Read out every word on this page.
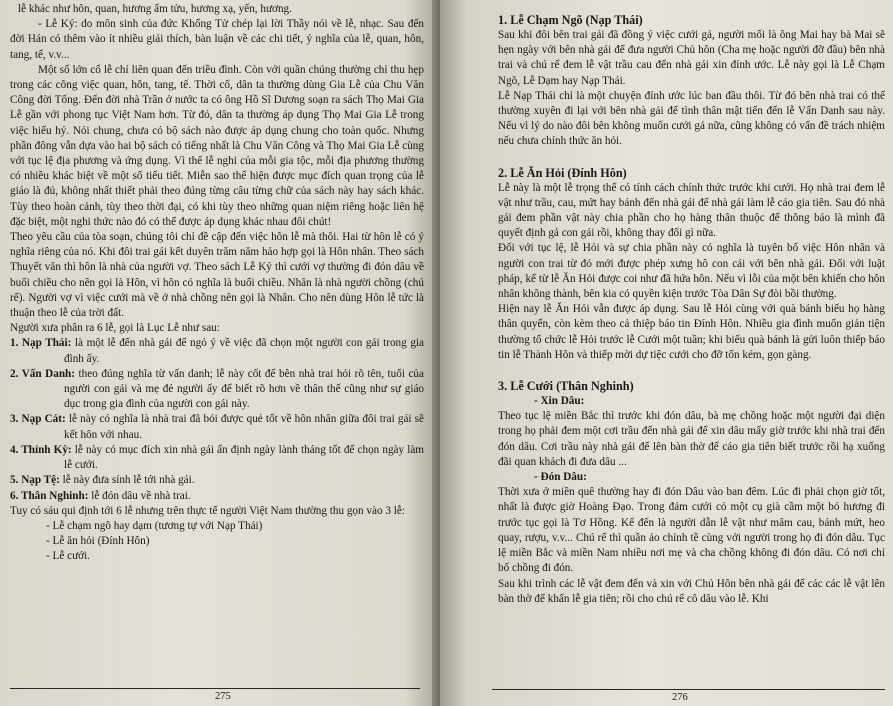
lễ khác như hôn, quan, hương ẩm tửu, hương xạ, yến, hương.

- Lễ Ký: do môn sinh của đức Khổng Tử chép lại lời Thầy nói về lễ, nhạc. Sau đến đời Hán có thêm vào ít nhiều giải thích, bàn luận về các chi tiết, ý nghĩa của lễ, quan, hôn, tang, tế, v.v...

Một số lớn cổ lễ chỉ liên quan đến triều đình. Còn với quần chúng thường chỉ thu hẹp trong các công việc quan, hôn, tang, tế. Thời cổ, dân ta thường dùng Gia Lễ của Chu Văn Công đời Tống. Đến đời nhà Trần ở nước ta có ông Hồ Sĩ Dương soạn ra sách Thọ Mai Gia Lễ gần với phong tục Việt Nam hơn. Từ đó, dân ta thường áp dụng Thọ Mai Gia Lễ trong việc hiếu hỷ. Nói chung, chưa có bộ sách nào được áp dụng chung cho toàn quốc. Nhưng phần đông vẫn dựa vào hai bộ sách có tiếng nhất là Chu Văn Công và Thọ Mai Gia Lễ cùng với tục lệ địa phương và ứng dụng. Vì thế lễ nghi của mỗi gia tộc, mỗi địa phương thường có nhiều khác biệt về một số tiểu tiết. Miễn sao thể hiện được mục đích quan trọng của lễ giáo là đủ, không nhất thiết phải theo đúng từng câu từng chữ của sách này hay sách khác. Tùy theo hoàn cảnh, tùy theo thời đại, có khi tùy theo những quan niệm riêng hoặc liên hệ đặc biệt, một nghi thức nào đó có thể được áp dụng khác nhau đôi chút!

Theo yêu cầu của tòa soạn, chúng tôi chỉ đề cập đến việc hôn lễ mà thôi. Hai từ hôn lễ có ý nghĩa riêng của nó. Khi đôi trai gái kết duyên trăm năm hảo hợp gọi là Hôn nhân. Theo sách Thuyết văn thì hôn là nhà của người vợ. Theo sách Lễ Ký thì cưới vợ thường đi đón dâu về buổi chiều cho nên gọi là Hôn, vì hôn có nghĩa là buổi chiều. Nhân là nhà người chồng (chú rể). Người vợ vì việc cưới mà về ở nhà chồng nên gọi là Nhân. Cho nên dùng Hôn lễ tức là thuận theo lễ của trời đất.

Người xưa phân ra 6 lễ, gọi là Lục Lễ như sau:

1. Nạp Thái: là một lễ đến nhà gái để ngỏ ý về việc đã chọn một người con gái trong gia đình ấy.

2. Vấn Danh: theo đúng nghĩa từ vấn danh; lễ này cốt để bên nhà trai hỏi rõ tên, tuổi của người con gái và mẹ đẻ người ấy để biết rõ hơn về thân thế cũng như sự giáo dục trong gia đình của người con gái này.

3. Nạp Cát: lễ này có nghĩa là nhà trai đã bói được quẻ tốt về hôn nhân giữa đôi trai gái sẽ kết hôn với nhau.

4. Thỉnh Kỳ: lễ này có mục đích xin nhà gái ấn định ngày lành tháng tốt để chọn ngày làm lễ cưới.

5. Nạp Tệ: lễ này đưa sính lễ tới nhà gái.

6. Thân Nghinh: lễ đón dâu về nhà trai.

Tuy có sáu qui định tới 6 lễ nhưng trên thực tế người Việt Nam thường thu gọn vào 3 lễ:

- Lễ chạm ngõ hay dạm (tương tự với Nạp Thái)

- Lễ ăn hỏi (Đính Hôn)

- Lễ cưới.

275

1. Lễ Chạm Ngõ (Nạp Thái)

Sau khi đôi bên trai gái đã đồng ý việc cưới gả, người mối là ông Mai hay bà Mai sẽ hẹn ngày với bên nhà gái để đưa người Chủ hôn (Cha mẹ hoặc người đỡ đầu) bên nhà trai và chú rể đem lễ vật trầu cau đến nhà gái xin đính ước. Lễ này gọi là Lễ Chạm Ngõ, Lễ Dạm hay Nạp Thái.

Lễ Nạp Thái chỉ là một chuyện đính ước lúc ban đầu thôi. Từ đó bên nhà trai có thể thường xuyên đi lại với bên nhà gái để tình thân mật tiến đến lễ Vấn Danh sau này. Nếu vì lý do nào đôi bên không muốn cưới gả nữa, cũng không có vấn đề trách nhiệm nếu chưa chính thức ăn hỏi.

2. Lễ Ăn Hỏi (Đính Hôn)

Lễ này là một lễ trọng thể có tính cách chính thức trước khi cưới. Họ nhà trai đem lễ vật như trầu, cau, mứt hay bánh đến nhà gái để nhà gái làm lễ cáo gia tiên. Sau đó nhà gái đem phần vật này chia phần cho họ hàng thân thuộc để thông báo là mình đã quyết định gả con gái rồi, không thay đổi gì nữa.

Đối với tục lệ, lễ Hỏi và sự chia phần này có nghĩa là tuyên bố việc Hôn nhân và người con trai từ đó mới được phép xưng hô con cái với bên nhà gái. Đối với luật pháp, kể từ lễ Ăn Hỏi được coi như đã hứa hôn. Nếu vì lỗi của một bên khiến cho hôn nhân không thành, bên kia có quyền kiện trước Tòa Dân Sự đòi bồi thường.

Hiện nay lễ Ăn Hỏi vẫn được áp dụng. Sau lễ Hỏi cùng với quà bánh biếu họ hàng thân quyến, còn kèm theo cả thiệp báo tin Đính Hôn. Nhiều gia đình muốn giản tiện thường tổ chức lễ Hỏi trước lễ Cưới một tuần; khi biếu quà bánh là gửi luôn thiếp báo tin lễ Thành Hôn và thiếp mời dự tiệc cưới cho đỡ tốn kém, gọn gàng.

3. Lễ Cưới (Thân Nghinh)

- Xin Dâu:

Theo tục lệ miền Bắc thì trước khi đón dâu, bà mẹ chồng hoặc một người đại diện trong họ phải đem một cơi trầu đến nhà gái để xin dâu mấy giờ trước khi nhà trai đến đón dâu. Cơi trầu này nhà gái để lên bàn thờ để cáo gia tiên biết trước rồi hạ xuống đãi quan khách đi đưa dâu ...

- Đón Dâu:

Thời xưa ở miền quê thường hay đi đón Dâu vào ban đêm. Lúc đi phải chọn giờ tốt, nhất là được giờ Hoàng Đạo. Trong đám cưới có một cụ già cầm một bó hương đi trước tục gọi là Tơ Hồng. Kế đến là người dẫn lễ vật như mâm cau, bánh mứt, heo quay, rượu, v.v... Chú rể thì quần áo chỉnh tề cùng với người trong họ đi đón dâu. Tục lệ miền Bắc và miền Nam nhiều nơi mẹ và cha chồng không đi đón dâu. Có nơi chỉ bố chồng đi đón.

Sau khi trình các lễ vật đem đến và xin với Chủ Hôn bên nhà gái để các các lễ vật lên bàn thờ để khấn lễ gia tiên; rồi cho chú rể cô dâu vào lễ. Khi

276
